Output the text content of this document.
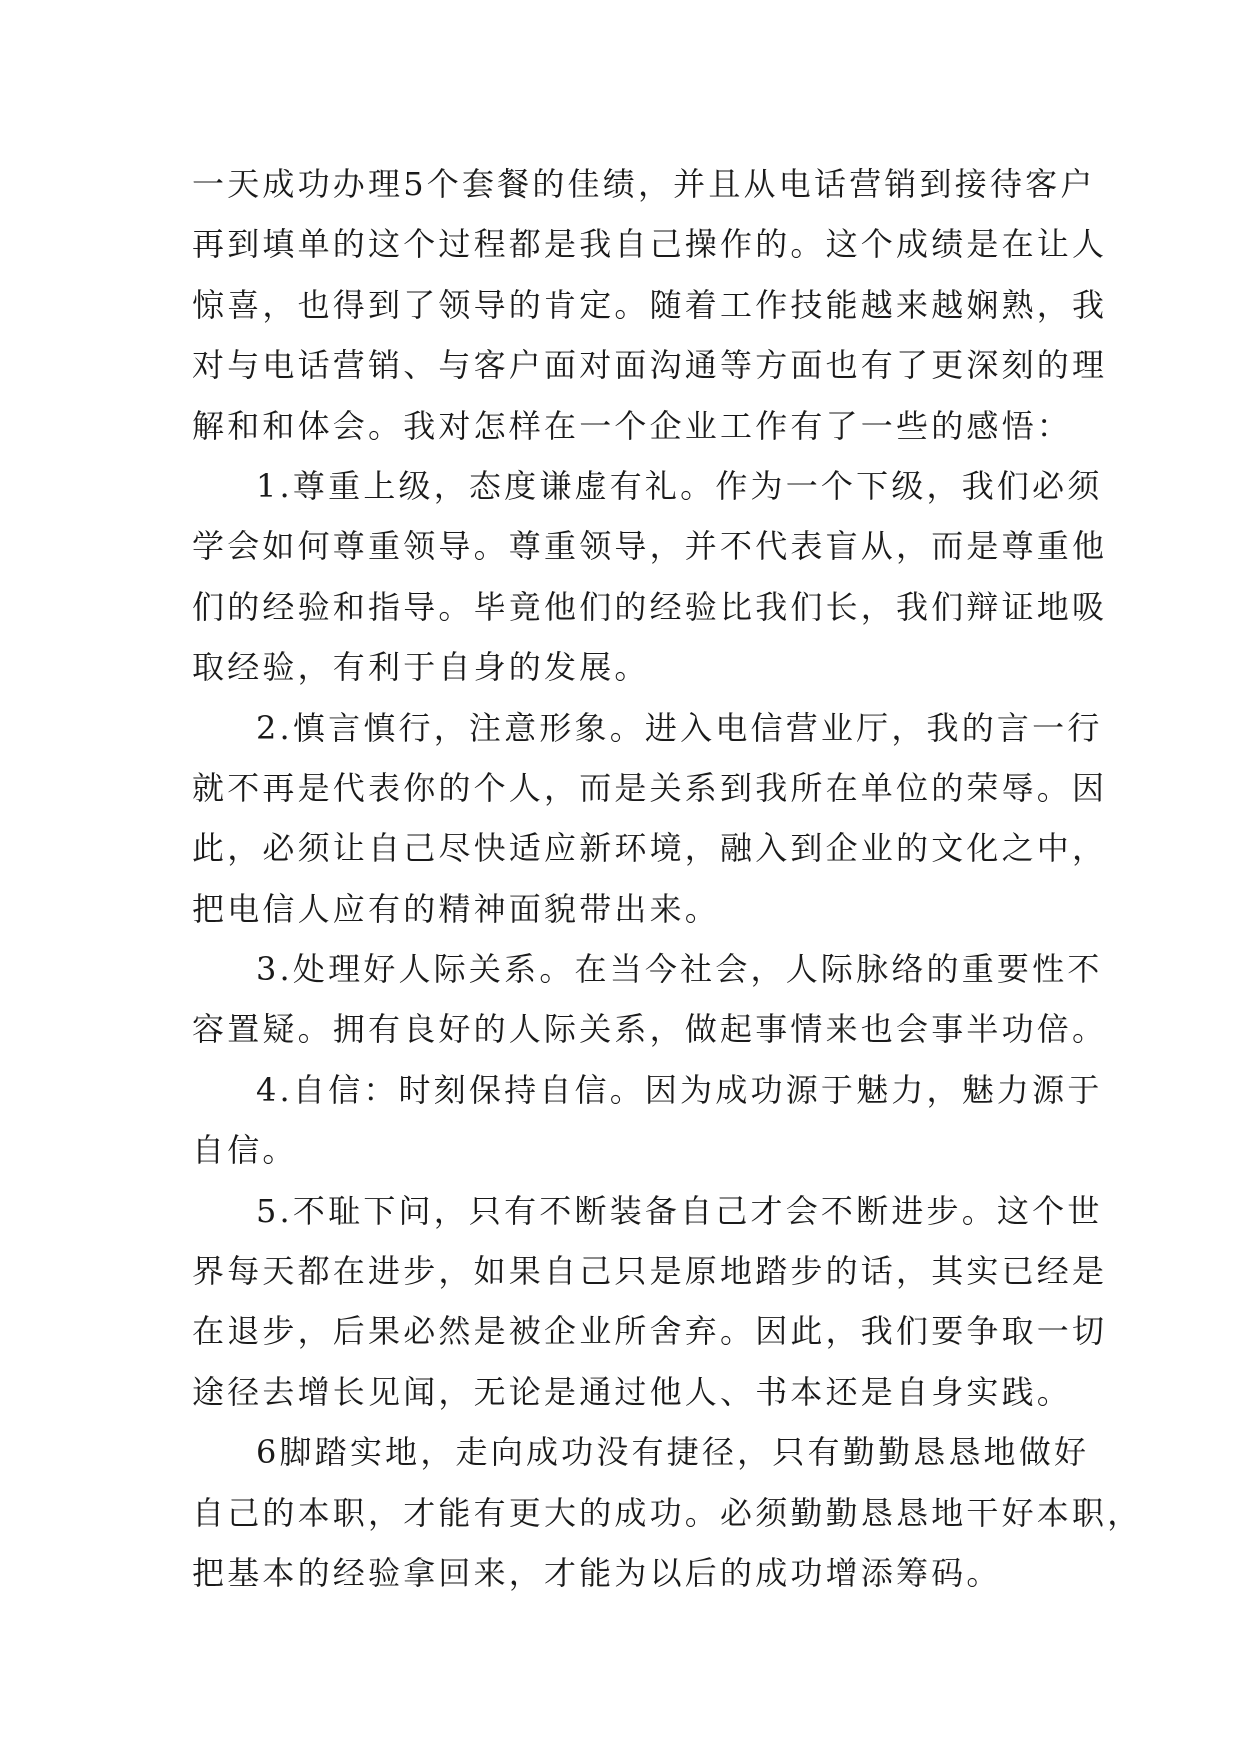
一天成功办理5个套餐的佳绩，并且从电话营销到接待客户
再到填单的这个过程都是我自己操作的。这个成绩是在让人
惊喜，也得到了领导的肯定。随着工作技能越来越娴熟，我
对与电话营销、与客户面对面沟通等方面也有了更深刻的理
解和和体会。我对怎样在一个企业工作有了一些的感悟：
1.尊重上级，态度谦虚有礼。作为一个下级，我们必须
学会如何尊重领导。尊重领导，并不代表盲从，而是尊重他
们的经验和指导。毕竟他们的经验比我们长，我们辩证地吸
取经验，有利于自身的发展。
2.慎言慎行，注意形象。进入电信营业厅，我的言一行
就不再是代表你的个人，而是关系到我所在单位的荣辱。因
此，必须让自己尽快适应新环境，融入到企业的文化之中，
把电信人应有的精神面貌带出来。
3.处理好人际关系。在当今社会，人际脉络的重要性不
容置疑。拥有良好的人际关系，做起事情来也会事半功倍。
4.自信：时刻保持自信。因为成功源于魅力，魅力源于
自信。
5.不耻下问，只有不断装备自己才会不断进步。这个世
界每天都在进步，如果自己只是原地踏步的话，其实已经是
在退步，后果必然是被企业所舍弃。因此，我们要争取一切
途径去增长见闻，无论是通过他人、书本还是自身实践。
6脚踏实地，走向成功没有捷径，只有勤勤恳恳地做好
自己的本职，才能有更大的成功。必须勤勤恳恳地干好本职，
把基本的经验拿回来，才能为以后的成功增添筹码。
